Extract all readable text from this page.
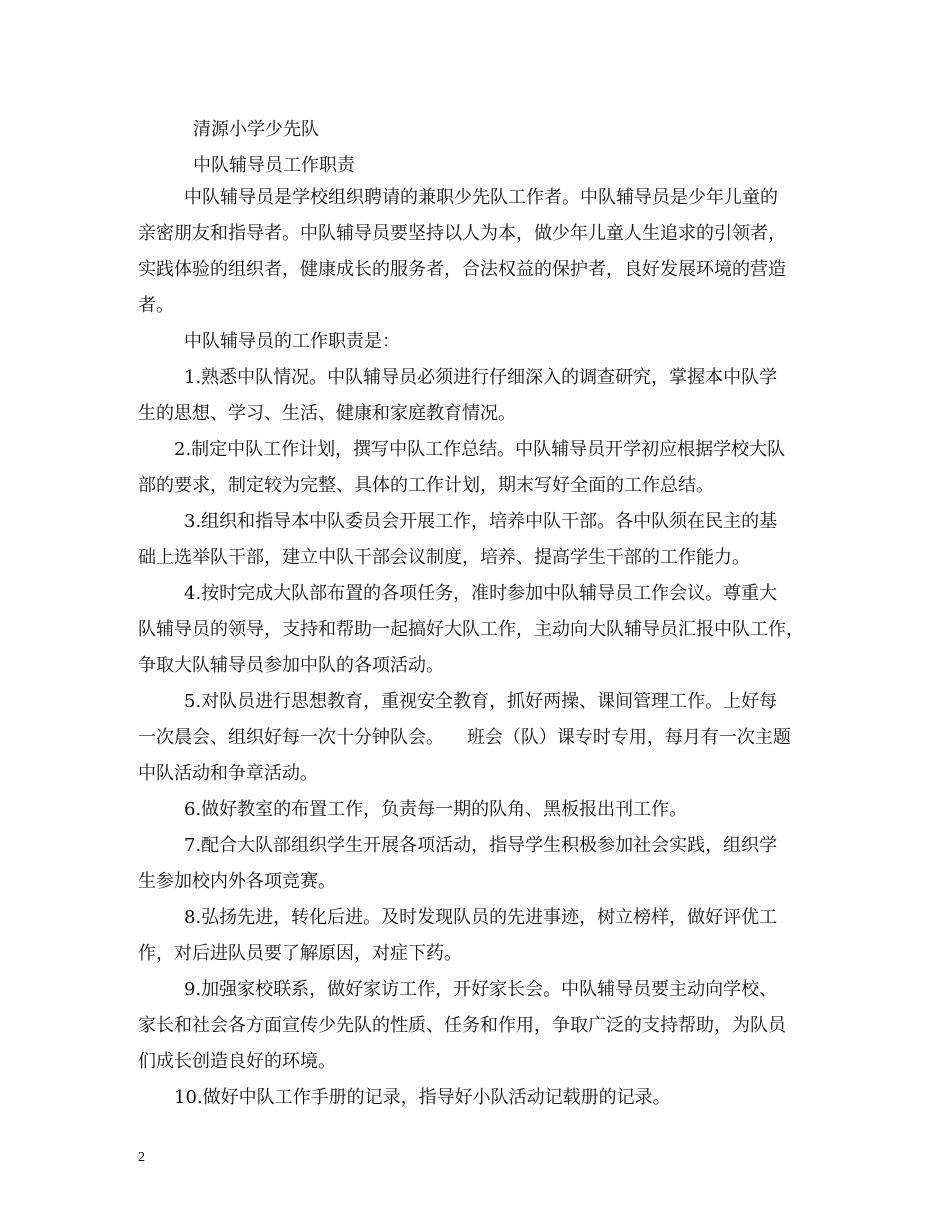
清源小学少先队
中队辅导员工作职责
中队辅导员是学校组织聘请的兼职少先队工作者。中队辅导员是少年儿童的
亲密朋友和指导者。中队辅导员要坚持以人为本，做少年儿童人生追求的引领者，
实践体验的组织者，健康成长的服务者，合法权益的保护者，良好发展环境的营造
者。
中队辅导员的工作职责是：
1.熟悉中队情况。中队辅导员必须进行仔细深入的调查研究，掌握本中队学
生的思想、学习、生活、健康和家庭教育情况。
2.制定中队工作计划，撰写中队工作总结。中队辅导员开学初应根据学校大队
部的要求，制定较为完整、具体的工作计划，期末写好全面的工作总结。
3.组织和指导本中队委员会开展工作，培养中队干部。各中队须在民主的基
础上选举队干部，建立中队干部会议制度，培养、提高学生干部的工作能力。
4.按时完成大队部布置的各项任务，准时参加中队辅导员工作会议。尊重大
队辅导员的领导，支持和帮助一起搞好大队工作，主动向大队辅导员汇报中队工作，
争取大队辅导员参加中队的各项活动。
5.对队员进行思想教育，重视安全教育，抓好两操、课间管理工作。上好每
一次晨会、组织好每一次十分钟队会。    班会（队）课专时专用，每月有一次主题
中队活动和争章活动。
6.做好教室的布置工作，负责每一期的队角、黑板报出刊工作。
7.配合大队部组织学生开展各项活动，指导学生积极参加社会实践，组织学
生参加校内外各项竞赛。
8.弘扬先进，转化后进。及时发现队员的先进事迹，树立榜样，做好评优工
作，对后进队员要了解原因，对症下药。
9.加强家校联系，做好家访工作，开好家长会。中队辅导员要主动向学校、
家长和社会各方面宣传少先队的性质、任务和作用，争取广泛的支持帮助，为队员
们成长创造良好的环境。
10.做好中队工作手册的记录，指导好小队活动记载册的记录。
2
